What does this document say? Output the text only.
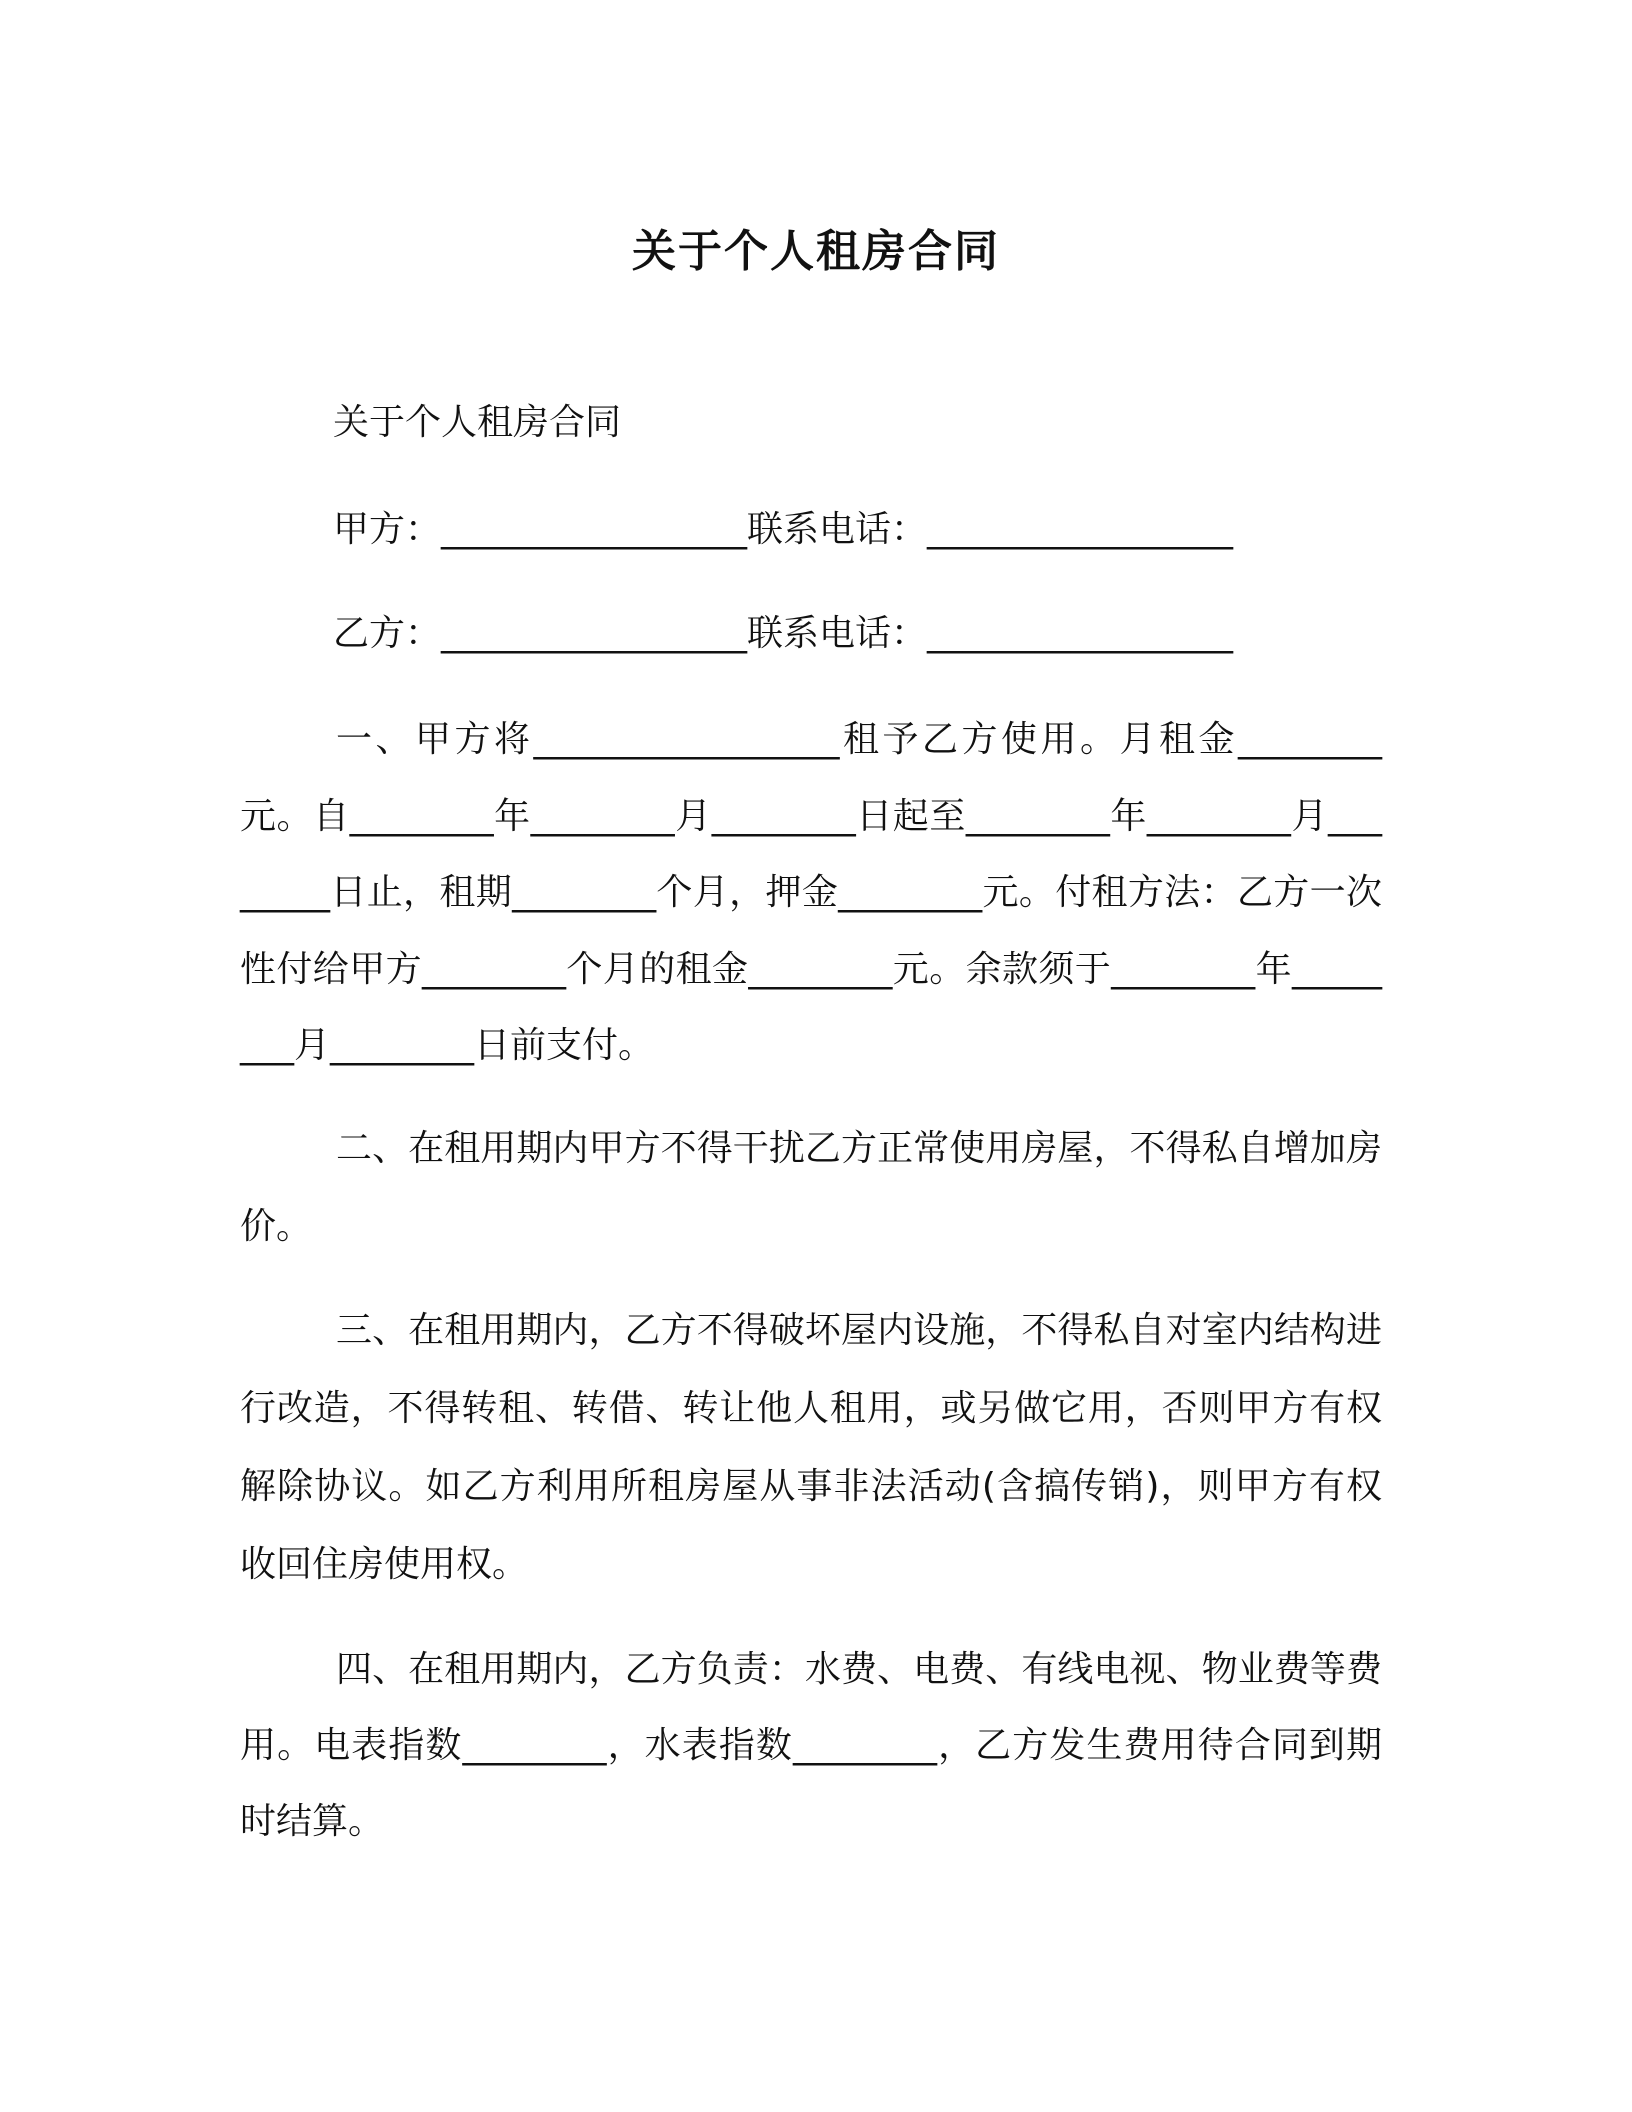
关于个人租房合同
关于个人租房合同
甲方：_________________联系电话：_________________
乙方：_________________联系电话：_________________
一、甲方将_________________租予乙方使用。月租金________元。自________年________月________日起至________年________月________日止，租期________个月，押金________元。付租方法：乙方一次性付给甲方________个月的租金________元。余款须于________年________月________日前支付。
二、在租用期内甲方不得干扰乙方正常使用房屋，不得私自增加房价。
三、在租用期内，乙方不得破坏屋内设施，不得私自对室内结构进行改造，不得转租、转借、转让他人租用，或另做它用，否则甲方有权解除协议。如乙方利用所租房屋从事非法活动(含搞传销)，则甲方有权收回住房使用权。
四、在租用期内，乙方负责：水费、电费、有线电视、物业费等费用。电表指数________，水表指数________，乙方发生费用待合同到期时结算。
